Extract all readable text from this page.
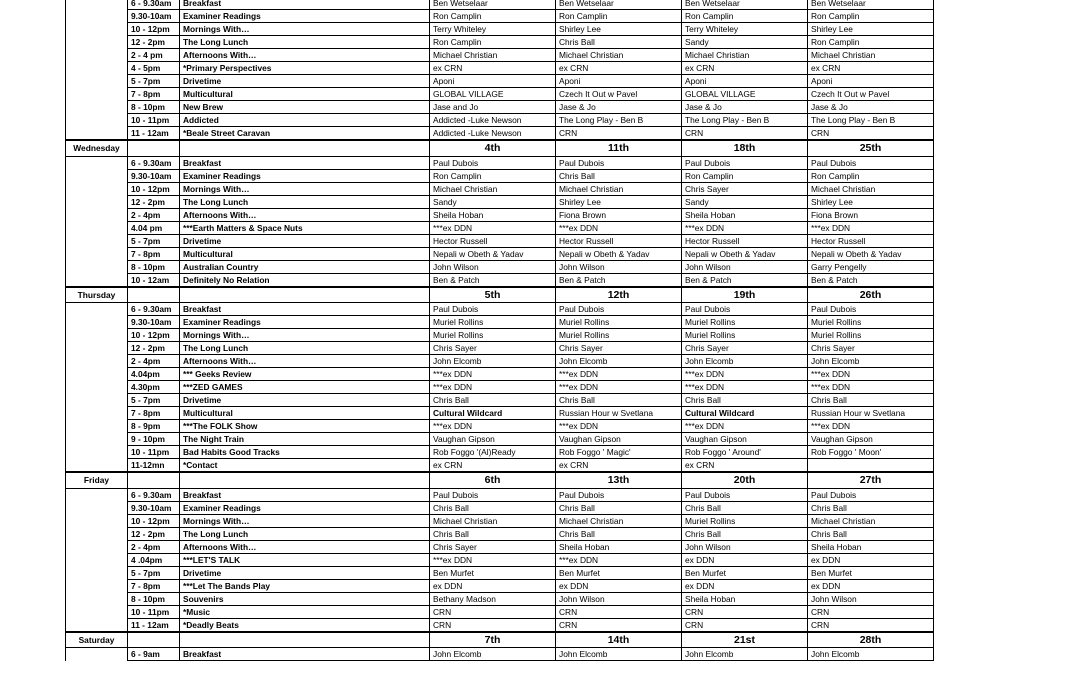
	6 - 9.30am	Breakfast	Ben Wetselaar	Ben Wetselaar	Ben Wetselaar	Ben Wetselaar
	9.30-10am	Examiner Readings	Ron Camplin	Ron Camplin	Ron Camplin	Ron Camplin
	10 - 12pm	Mornings With…	Terry Whiteley	Shirley Lee	Terry Whiteley	Shirley Lee
	12 - 2pm	The Long Lunch	Ron Camplin	Chris Ball	Sandy	Ron Camplin
	2 - 4 pm	Afternoons With…	Michael Christian	Michael Christian	Michael Christian	Michael Christian
	4 - 5pm	*Primary Perspectives	ex CRN	ex CRN	ex CRN	ex CRN
	5 - 7pm	Drivetime	Aponi	Aponi	Aponi	Aponi
	7 - 8pm	Multicultural	GLOBAL VILLAGE	Czech It Out w Pavel	GLOBAL VILLAGE	Czech It Out w Pavel
	8 - 10pm	New Brew	Jase and Jo	Jase & Jo	Jase & Jo	Jase & Jo
	10 - 11pm	Addicted	Addicted -Luke Newson	The Long Play - Ben B	The Long Play - Ben B	The Long Play - Ben B
	11 - 12am	*Beale Street Caravan	Addicted -Luke Newson	CRN	CRN	CRN
Wednesday			4th	11th	18th	25th
	6 - 9.30am	Breakfast	Paul Dubois	Paul Dubois	Paul Dubois	Paul Dubois
	9.30-10am	Examiner Readings	Ron Camplin	Chris Ball	Ron Camplin	Ron Camplin
	10 - 12pm	Mornings With…	Michael Christian	Michael Christian	Chris Sayer	Michael Christian
	12 - 2pm	The Long Lunch	Sandy	Shirley Lee	Sandy	Shirley Lee
	2 - 4pm	Afternoons With…	Sheila Hoban	Fiona Brown	Sheila Hoban	Fiona Brown
	4.04 pm	***Earth Matters & Space Nuts	***ex DDN	***ex DDN	***ex DDN	***ex DDN
	5 - 7pm	Drivetime	Hector Russell	Hector Russell	Hector Russell	Hector Russell
	7 - 8pm	Multicultural	Nepali w Obeth & Yadav	Nepali w Obeth & Yadav	Nepali w Obeth & Yadav	Nepali w Obeth & Yadav
	8 - 10pm	Australian Country	John Wilson	John Wilson	John Wilson	Garry Pengelly
	10 - 12am	Definitely No Relation	Ben & Patch	Ben & Patch	Ben & Patch	Ben & Patch
Thursday			5th	12th	19th	26th
	6 - 9.30am	Breakfast	Paul Dubois	Paul Dubois	Paul Dubois	Paul Dubois
	9.30-10am	Examiner Readings	Muriel Rollins	Muriel Rollins	Muriel Rollins	Muriel Rollins
	10 - 12pm	Mornings With…	Muriel Rollins	Muriel Rollins	Muriel Rollins	Muriel Rollins
	12 - 2pm	The Long Lunch	Chris Sayer	Chris Sayer	Chris Sayer	Chris Sayer
	2 - 4pm	Afternoons With…	John Elcomb	John Elcomb	John Elcomb	John Elcomb
	4.04pm	*** Geeks Review	***ex DDN	***ex DDN	***ex DDN	***ex DDN
	4.30pm	***ZED GAMES	***ex DDN	***ex DDN	***ex DDN	***ex DDN
	5 - 7pm	Drivetime	Chris Ball	Chris Ball	Chris Ball	Chris Ball
	7 - 8pm	Multicultural	Cultural Wildcard	Russian Hour w Svetlana	Cultural Wildcard	Russian Hour w Svetlana
	8 - 9pm	***The FOLK Show	***ex DDN	***ex DDN	***ex DDN	***ex DDN
	9 - 10pm	The Night Train	Vaughan Gipson	Vaughan Gipson	Vaughan Gipson	Vaughan Gipson
	10 - 11pm	Bad Habits Good Tracks	Rob Foggo '(Al)Ready	Rob Foggo ' Magic'	Rob Foggo ' Around'	Rob Foggo ' Moon'
	11-12mn	*Contact	ex CRN	ex CRN	ex CRN	
Friday			6th	13th	20th	27th
	6 - 9.30am	Breakfast	Paul Dubois	Paul Dubois	Paul Dubois	Paul Dubois
	9.30-10am	Examiner Readings	Chris Ball	Chris Ball	Chris Ball	Chris Ball
	10 - 12pm	Mornings With…	Michael Christian	Michael Christian	Muriel Rollins	Michael Christian
	12 - 2pm	The Long Lunch	Chris Ball	Chris Ball	Chris Ball	Chris Ball
	2 - 4pm	Afternoons With…	Chris Sayer	Sheila Hoban	John Wilson	Sheila Hoban
	4 .04pm	***LET'S TALK	***ex DDN	***ex DDN	ex DDN	ex DDN
	5 - 7pm	Drivetime	Ben Murfet	Ben Murfet	Ben Murfet	Ben Murfet
	7 - 8pm	***Let The Bands Play	ex DDN	ex DDN	ex DDN	ex DDN
	8 - 10pm	Souvenirs	Bethany Madson	John Wilson	Sheila Hoban	John Wilson
	10 - 11pm	*Music	CRN	CRN	CRN	CRN
	11 - 12am	*Deadly Beats	CRN	CRN	CRN	CRN
Saturday			7th	14th	21st	28th
	6 - 9am	Breakfast	John Elcomb	John Elcomb	John Elcomb	John Elcomb
